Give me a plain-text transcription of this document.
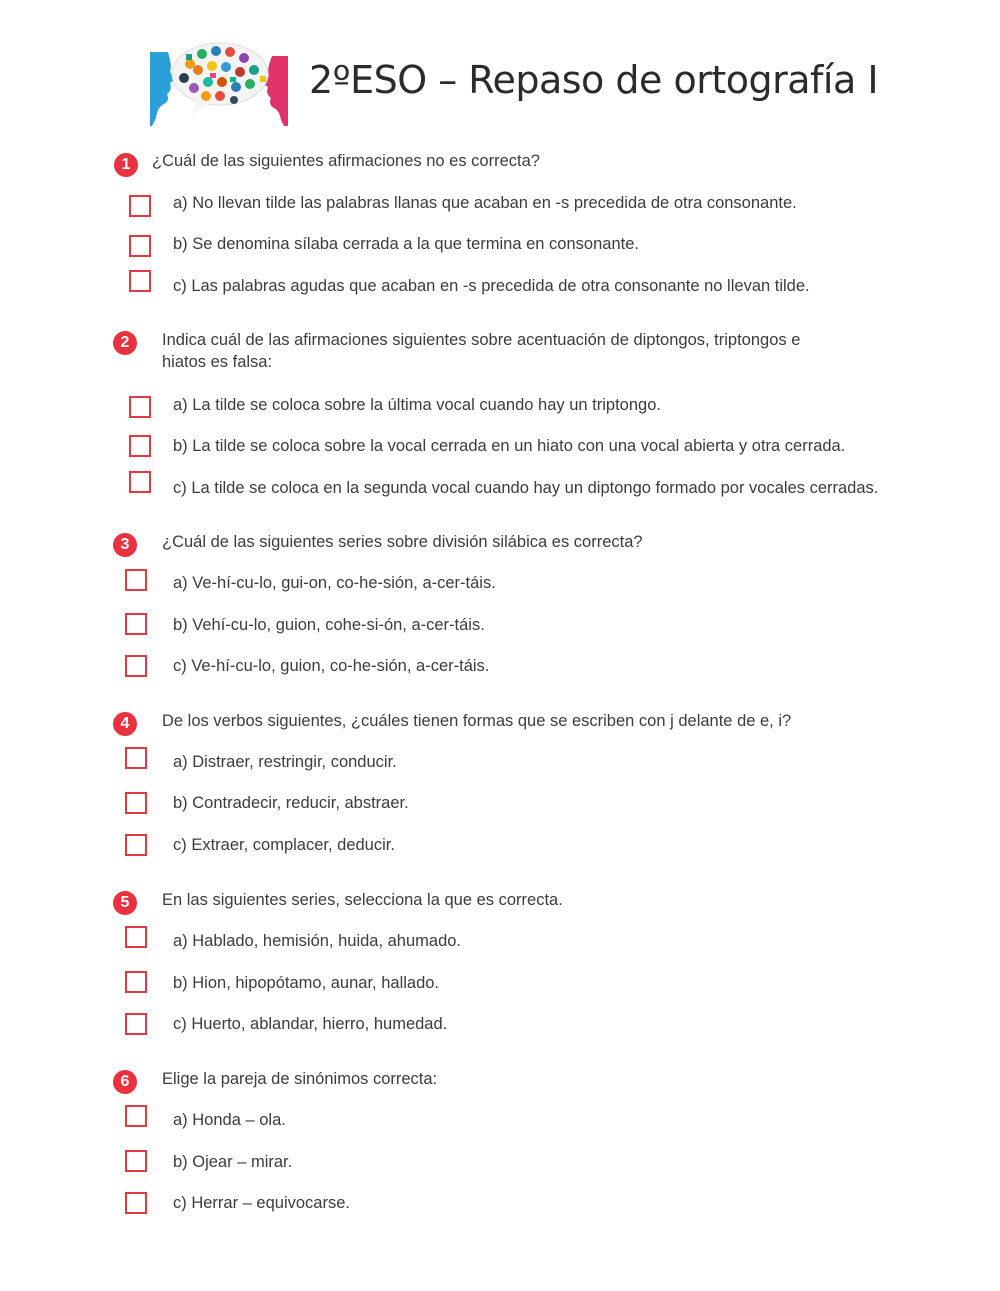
2ºESO – Repaso de ortografía I
1	¿Cuál de las siguientes afirmaciones no es correcta?
a) No llevan tilde las palabras llanas que acaban en -s precedida de otra consonante.
b) Se denomina sílaba cerrada a la que termina en consonante.
c) Las palabras agudas que acaban en -s precedida de otra consonante no llevan tilde.
2	Indica cuál de las afirmaciones siguientes sobre acentuación de diptongos, triptongos e
hiatos es falsa:
a) La tilde se coloca sobre la última vocal cuando hay un triptongo.
b) La tilde se coloca sobre la vocal cerrada en un hiato con una vocal abierta y otra cerrada.
c) La tilde se coloca en la segunda vocal cuando hay un diptongo formado por vocales cerradas.
3	¿Cuál de las siguientes series sobre división silábica es correcta?
a) Ve-hí-cu-lo, gui-on, co-he-sión, a-cer-táis.
b) Vehí-cu-lo, guion, cohe-si-ón, a-cer-táis.
c) Ve-hí-cu-lo, guion, co-he-sión, a-cer-táis.
4	De los verbos siguientes, ¿cuáles tienen formas que se escriben con j delante de e, i?
a) Distraer, restringir, conducir.
b) Contradecir, reducir, abstraer.
c) Extraer, complacer, deducir.
5	En las siguientes series, selecciona la que es correcta.
a) Hablado, hemisión, huida, ahumado.
b) Hion, hipopótamo, aunar, hallado.
c) Huerto, ablandar, hierro, humedad.
6	Elige la pareja de sinónimos correcta:
a) Honda – ola.
b) Ojear – mirar.
c) Herrar – equivocarse.
